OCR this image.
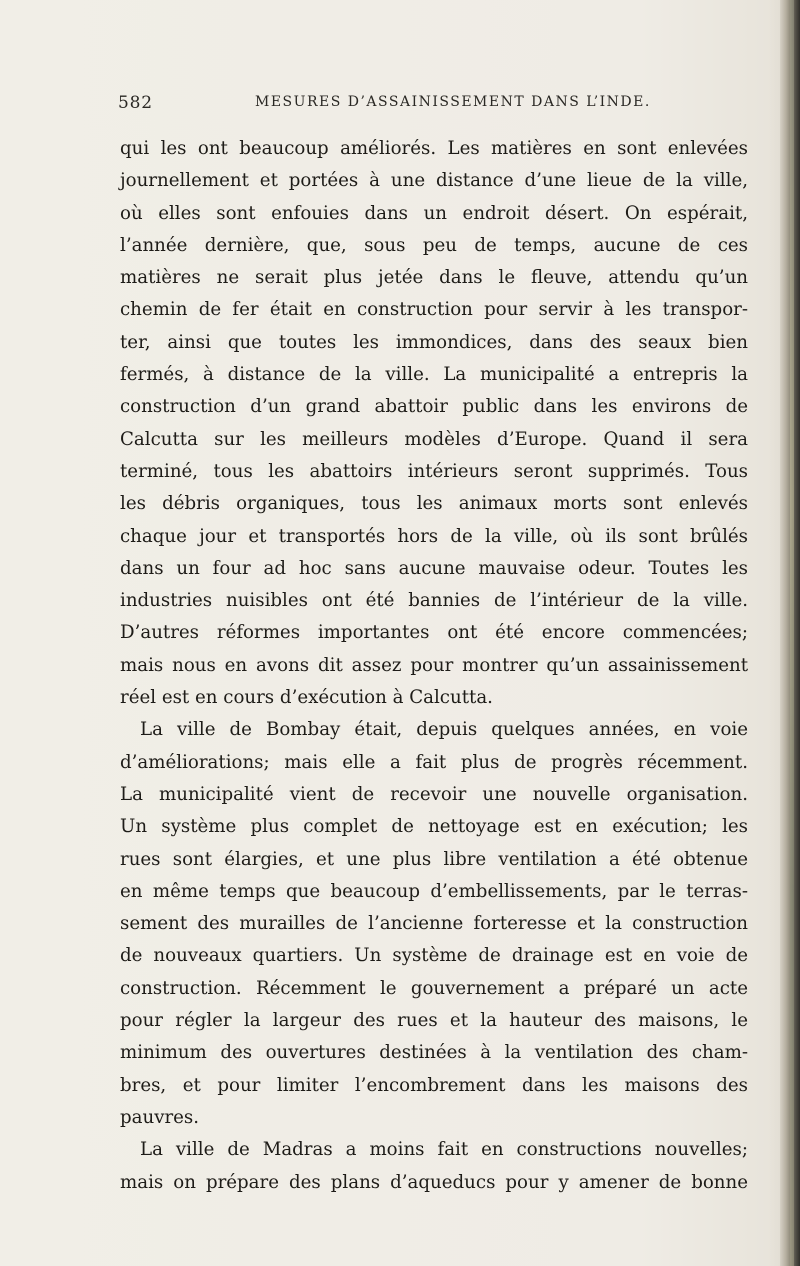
582	MESURES D’ASSAINISSEMENT DANS L’INDE.
qui les ont beaucoup améliorés. Les matières en sont enlevées
journellement et portées à une distance d’une lieue de la ville,
où elles sont enfouies dans un endroit désert. On espérait,
l’année dernière, que, sous peu de temps, aucune de ces
matières ne serait plus jetée dans le fleuve, attendu qu’un
chemin de fer était en construction pour servir à les transpor-
ter, ainsi que toutes les immondices, dans des seaux bien
fermés, à distance de la ville. La municipalité a entrepris la
construction d’un grand abattoir public dans les environs de
Calcutta sur les meilleurs modèles d’Europe. Quand il sera
terminé, tous les abattoirs intérieurs seront supprimés. Tous
les débris organiques, tous les animaux morts sont enlevés
chaque jour et transportés hors de la ville, où ils sont brûlés
dans un four ad hoc sans aucune mauvaise odeur. Toutes les
industries nuisibles ont été bannies de l’intérieur de la ville.
D’autres réformes importantes ont été encore commencées;
mais nous en avons dit assez pour montrer qu’un assainissement
réel est en cours d’exécution à Calcutta.
La ville de Bombay était, depuis quelques années, en voie
d’améliorations; mais elle a fait plus de progrès récemment.
La municipalité vient de recevoir une nouvelle organisation.
Un système plus complet de nettoyage est en exécution; les
rues sont élargies, et une plus libre ventilation a été obtenue
en même temps que beaucoup d’embellissements, par le terras-
sement des murailles de l’ancienne forteresse et la construction
de nouveaux quartiers. Un système de drainage est en voie de
construction. Récemment le gouvernement a préparé un acte
pour régler la largeur des rues et la hauteur des maisons, le
minimum des ouvertures destinées à la ventilation des cham-
bres, et pour limiter l’encombrement dans les maisons des
pauvres.
La ville de Madras a moins fait en constructions nouvelles;
mais on prépare des plans d’aqueducs pour y amener de bonne
